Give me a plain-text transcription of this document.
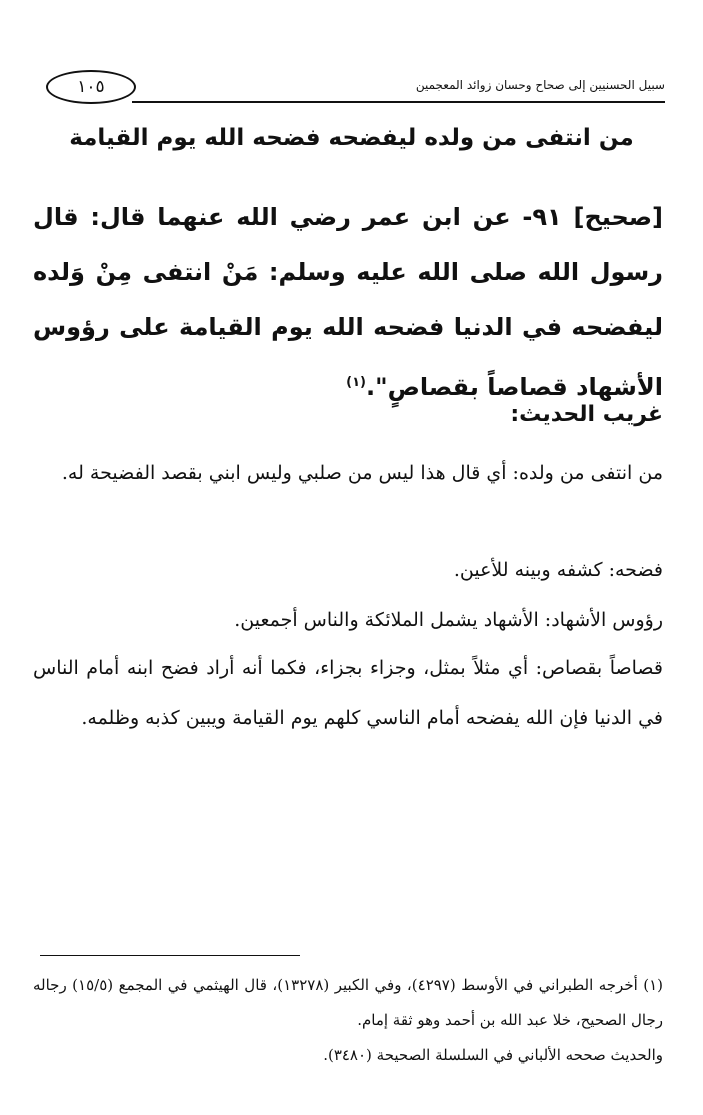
سبيل الحسنيين إلى صحاح وحسان زوائد المعجمين
١٠٥
من انتفى من ولده ليفضحه فضحه الله يوم القيامة

[صحيح] ٩١- عن ابن عمر رضي الله عنهما قال: قال رسول الله صلى الله عليه وسلم: مَنْ انتفى مِنْ وَلده ليفضحه في الدنيا فضحه الله يوم القيامة على رؤوس الأشهاد قصاصاً بقصاصٍ".$^{(١)}$

غريب الحديث:

من انتفى من ولده: أي قال هذا ليس من صلبي وليس ابني بقصد الفضيحة له.

فضحه: كشفه وبينه للأعين.

رؤوس الأشهاد: الأشهاد يشمل الملائكة والناس أجمعين.

قصاصاً بقصاص: أي مثلاً بمثل، وجزاء بجزاء، فكما أنه أراد فضح ابنه أمام الناس في الدنيا فإن الله يفضحه أمام الناسي كلهم يوم القيامة ويبين كذبه وظلمه.

(١) أخرجه الطبراني في الأوسط (٤٢٩٧)، وفي الكبير (١٣٢٧٨)، قال الهيثمي في المجمع (١٥/٥) رجاله رجال الصحيح، خلا عبد الله بن أحمد وهو ثقة إمام.

والحديث صححه الألباني في السلسلة الصحيحة (٣٤٨٠).
